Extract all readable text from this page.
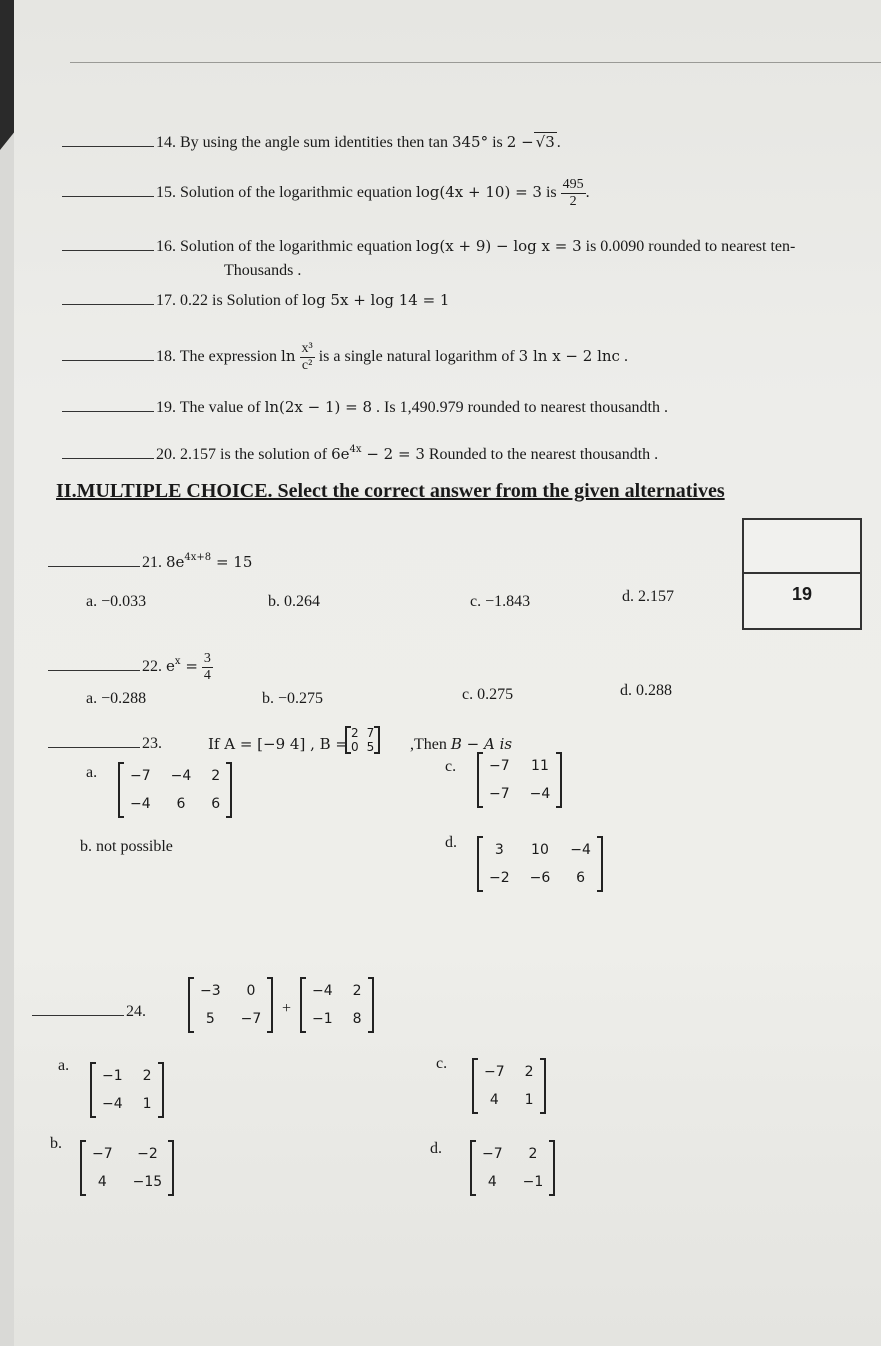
14. By using the angle sum identities then tan 345° is 2 − √3 .
15. Solution of the logarithmic equation log(4x + 10) = 3 is $\frac{495}{2}$ .
16. Solution of the logarithmic equation log(x + 9) − log x = 3 is 0.0090 rounded to nearest ten-
Thousands .
17. 0.22 is Solution of log 5x + log 14 = 1
18. The expression $\ln \frac{\text{x³}}{\text{c²}}$ is a single natural logarithm of 3 ln x − 2 lnc .
19. The value of ln(2x − 1) = 8 . Is 1,490.979 rounded to nearest thousandth .
20. 2.157 is the solution of $6e^{4x} - 2 = 3$ Rounded to the nearest thousandth .
II.MULTIPLE CHOICE. Select the correct answer from the given alternatives
19
21. $8e^{4x+8} = 15$
a. −0.033	b. 0.264	c. −1.843	d. 2.157
22. $e^x = \frac{3}{4}$
a. −0.288	b. −0.275	c. 0.275	d. 0.288
23.	If A = [−9 4] , B =
2	7
0	5 ,Then B − A is
a. −7	−4	2
−4	6	6
c. −7	11
−7	−4
b. not possible	d.	3	10	−4
−2	−6	6
24.
−3	0
5	−7
+
−4	2
−1	8
a.
−1	2
−4	1
c.	−7	2
4	1
b.
−7	−2
4	−15
d.	−7	2
4	−1
